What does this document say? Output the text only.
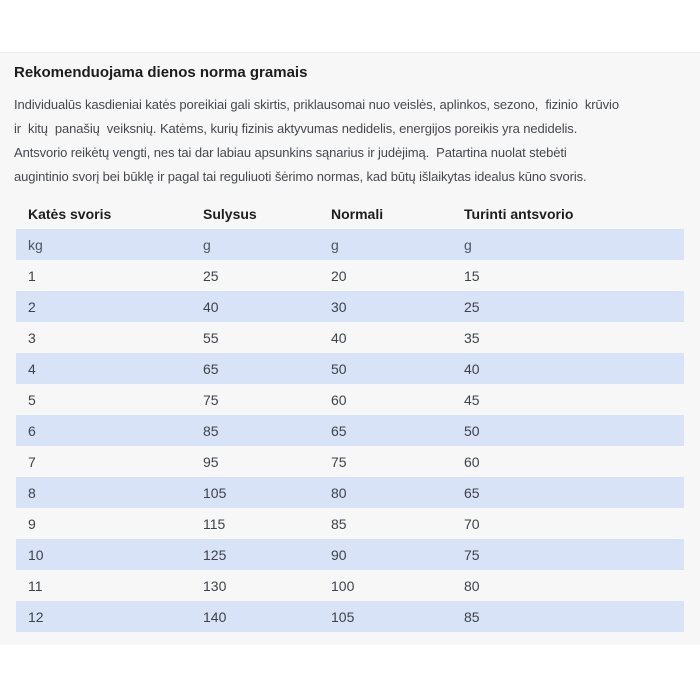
Rekomenduojama dienos norma gramais
Individualūs kasdieniai katės poreikiai gali skirtis, priklausomai nuo veislės, aplinkos, sezono,  fizinio  krūvio
ir  kitų  panašių  veiksnių. Katėms, kurių fizinis aktyvumas nedidelis, energijos poreikis yra nedidelis.
Antsvorio reikėtų vengti, nes tai dar labiau apsunkins sąnarius ir judėjimą.  Patartina nuolat stebėti
augintinio svorį bei būklę ir pagal tai reguliuoti šėrimo normas, kad būtų išlaikytas idealus kūno svoris.
Katės svoris	Sulysus	Normali	Turinti antsvorio
kg	g	g	g
1	25	20	15
2	40	30	25
3	55	40	35
4	65	50	40
5	75	60	45
6	85	65	50
7	95	75	60
8	105	80	65
9	115	85	70
10	125	90	75
11	130	100	80
12	140	105	85
